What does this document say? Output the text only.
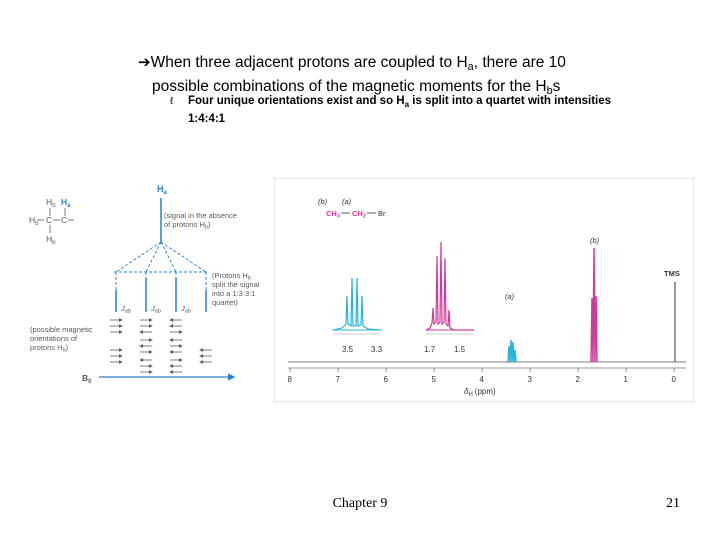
➔When three adjacent protons are coupled to $H_a$, there are 10
possible combinations of the magnetic moments for the $H_bs$
ℓ	Four unique orientations exist and so $H_a$ is split into a quartet with intensities 1:4:4:1
$H_b$ $H_a$
$H_b$ C C
$H_b$
$H_a$
(signal in the absence
of protons $H_b$)
(Protons $H_b$
split the signal
into a 1:3:3:1
quartet)
$J_{ab}$	$J_{ab}$	$J_{ab}$
(possible magnetic
orientations of
protons $H_b$)
$B_0$
(b) (a)
$CH_3$ $CH_2$ Br
3.5 3.3	1.7 1.5
(b)
(a)
TMS
8	7	6	5	4	3	2	1	0
$\delta_H$ (ppm)
Chapter 9	21
